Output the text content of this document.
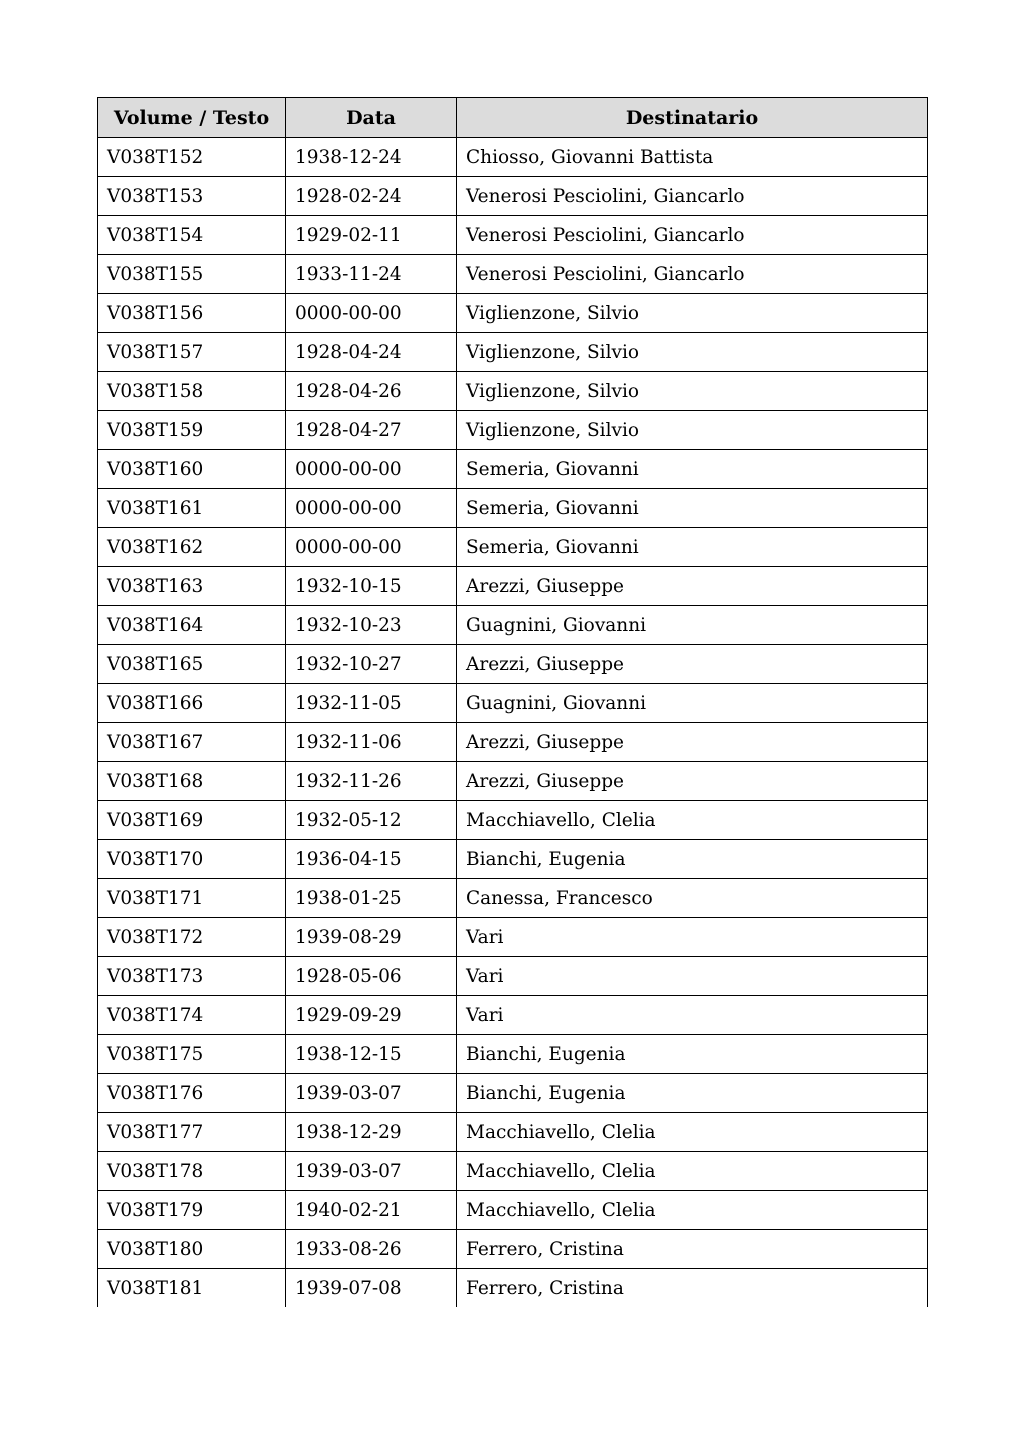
Volume / Testo	Data	Destinatario
V038T152	1938-12-24	Chiosso, Giovanni Battista
V038T153	1928-02-24	Venerosi Pesciolini, Giancarlo
V038T154	1929-02-11	Venerosi Pesciolini, Giancarlo
V038T155	1933-11-24	Venerosi Pesciolini, Giancarlo
V038T156	0000-00-00	Viglienzone, Silvio
V038T157	1928-04-24	Viglienzone, Silvio
V038T158	1928-04-26	Viglienzone, Silvio
V038T159	1928-04-27	Viglienzone, Silvio
V038T160	0000-00-00	Semeria, Giovanni
V038T161	0000-00-00	Semeria, Giovanni
V038T162	0000-00-00	Semeria, Giovanni
V038T163	1932-10-15	Arezzi, Giuseppe
V038T164	1932-10-23	Guagnini, Giovanni
V038T165	1932-10-27	Arezzi, Giuseppe
V038T166	1932-11-05	Guagnini, Giovanni
V038T167	1932-11-06	Arezzi, Giuseppe
V038T168	1932-11-26	Arezzi, Giuseppe
V038T169	1932-05-12	Macchiavello, Clelia
V038T170	1936-04-15	Bianchi, Eugenia
V038T171	1938-01-25	Canessa, Francesco
V038T172	1939-08-29	Vari
V038T173	1928-05-06	Vari
V038T174	1929-09-29	Vari
V038T175	1938-12-15	Bianchi, Eugenia
V038T176	1939-03-07	Bianchi, Eugenia
V038T177	1938-12-29	Macchiavello, Clelia
V038T178	1939-03-07	Macchiavello, Clelia
V038T179	1940-02-21	Macchiavello, Clelia
V038T180	1933-08-26	Ferrero, Cristina
V038T181	1939-07-08	Ferrero, Cristina
